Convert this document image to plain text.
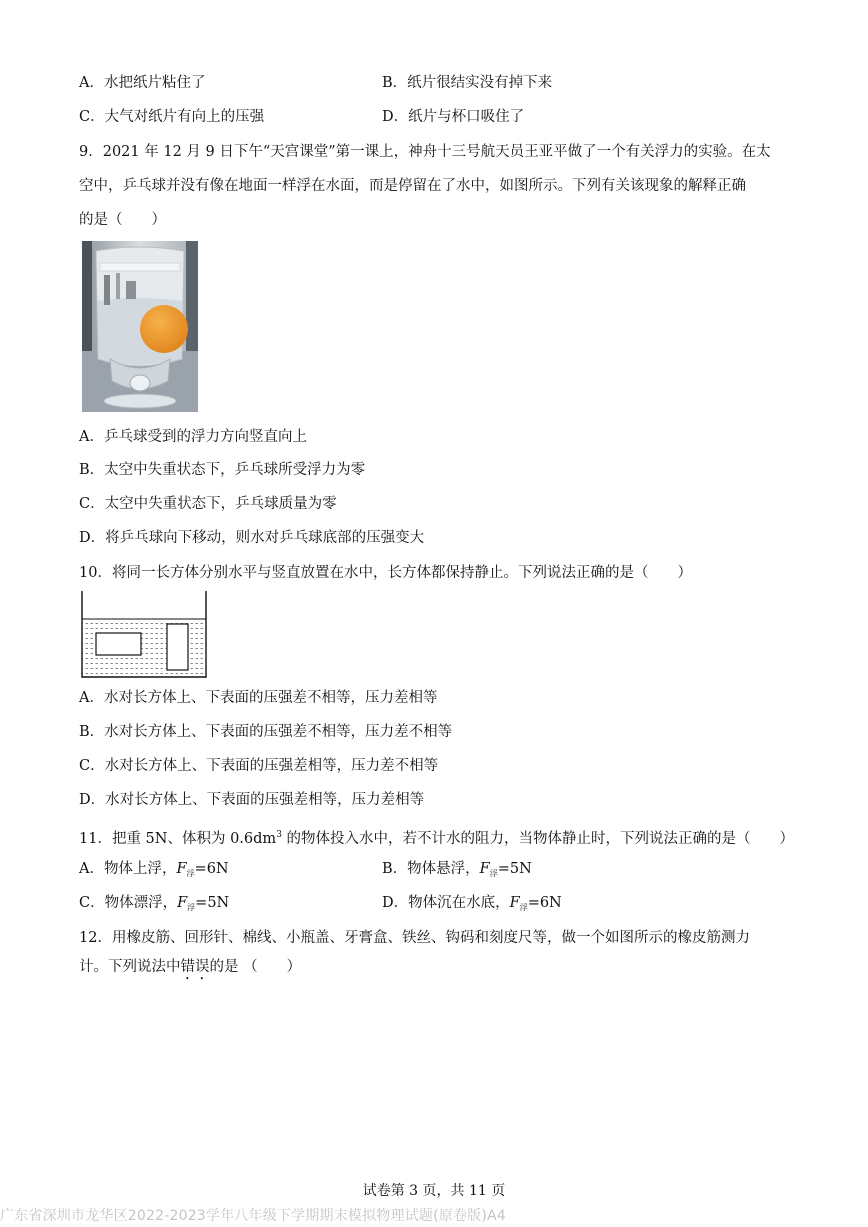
A．水把纸片粘住了	B．纸片很结实没有掉下来
C．大气对纸片有向上的压强	D．纸片与杯口吸住了
9．2021 年 12 月 9 日下午“天宫课堂”第一课上，神舟十三号航天员王亚平做了一个有关浮力的实验。在太
空中，乒乓球并没有像在地面一样浮在水面，而是停留在了水中，如图所示。下列有关该现象的解释正确
的是（　　）
A．乒乓球受到的浮力方向竖直向上
B．太空中失重状态下，乒乓球所受浮力为零
C．太空中失重状态下，乒乓球质量为零
D．将乒乓球向下移动，则水对乒乓球底部的压强变大
10．将同一长方体分别水平与竖直放置在水中，长方体都保持静止。下列说法正确的是（　　）
A．水对长方体上、下表面的压强差不相等，压力差相等
B．水对长方体上、下表面的压强差不相等，压力差不相等
C．水对长方体上、下表面的压强差相等，压力差不相等
D．水对长方体上、下表面的压强差相等，压力差相等
11．把重 5N、体积为 $0.6dm^3$ 的物体投入水中，若不计水的阻力，当物体静止时，下列说法正确的是（　　）
A．物体上浮，$F_浮=6N$	B．物体悬浮，$F_浮=5N$
C．物体漂浮，$F_浮=5N$	D．物体沉在水底，$F_浮=6N$
12．用橡皮筋、回形针、棉线、小瓶盖、牙膏盒、铁丝、钩码和刻度尺等，做一个如图所示的橡皮筋测力
计。下列说法中错误的是 （　　）
试卷第 3 页，共 11 页
广东省深圳市龙华区2022-2023学年八年级下学期期末模拟物理试题(原卷版)A4
